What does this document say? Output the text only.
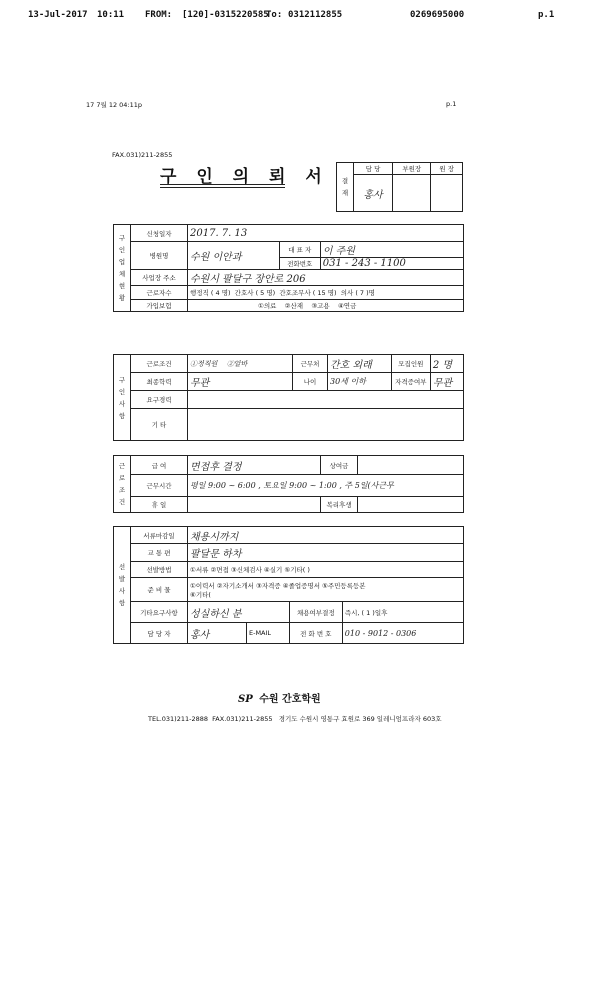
13-Jul-2017 10:11 FROM: [120]-0315220585
To: 0312112855	0269695000	p.1
17 7월 12 04:11p	p.1
FAX.031)211-2855
구 인 의 뢰 서 결 재	담 당	부원장	원 장
	홍사		
구인업체현황	신청일자	2017. 7. 13		
	병원명	수원 이안과	대 표 자	이 주원
			전화번호	031 - 243 - 1100
	사업장 주소	수원시 팔달구 장안로 206		
	근로자수	행정직 ( 4 명) 간호사 ( 5 명) 간호조무사 ( 15 명) 의사 ( 7 )명		
	가입보험	①의료 ②산재 ③고용 ④연금		
구인사항	근로조건	①정직원 ②알바	근무처	간호 외래	모집인원	2 명
	최종학력	무관	나이	30세 이하	자격증여부	무관
	요구경력					
	기 타					
근로조건	급 여	면접후 결정	상여금	
	근무시간	평일 9:00 ~ 6:00 , 토요일 9:00 ~ 1:00 , 주 5일(사근무		
	휴 일		복리후생	
선발사항	서류마감일	채용시까지			
	교 통 편	팔달문 하차			
	선발방법	①서류 ②면접 ③신체검사 ④실기 ⑤기타( )			
	준 비 물	①이력서 ②자기소개서 ③자격증 ④졸업증명서 ⑤주민등록등본
⑥기타(			

	기타요구사항	성실하신 분		채용여부결정	즉시, ( 1 )일후
	담 당 자	홍사	E-MAIL	전 화 번 호	010 - 9012 - 0306
SP 수원 간호학원
TEL.031)211-2888 FAX.031)211-2855 경기도 수원시 영통구 효원로 369 일레니엄프라자 603호
